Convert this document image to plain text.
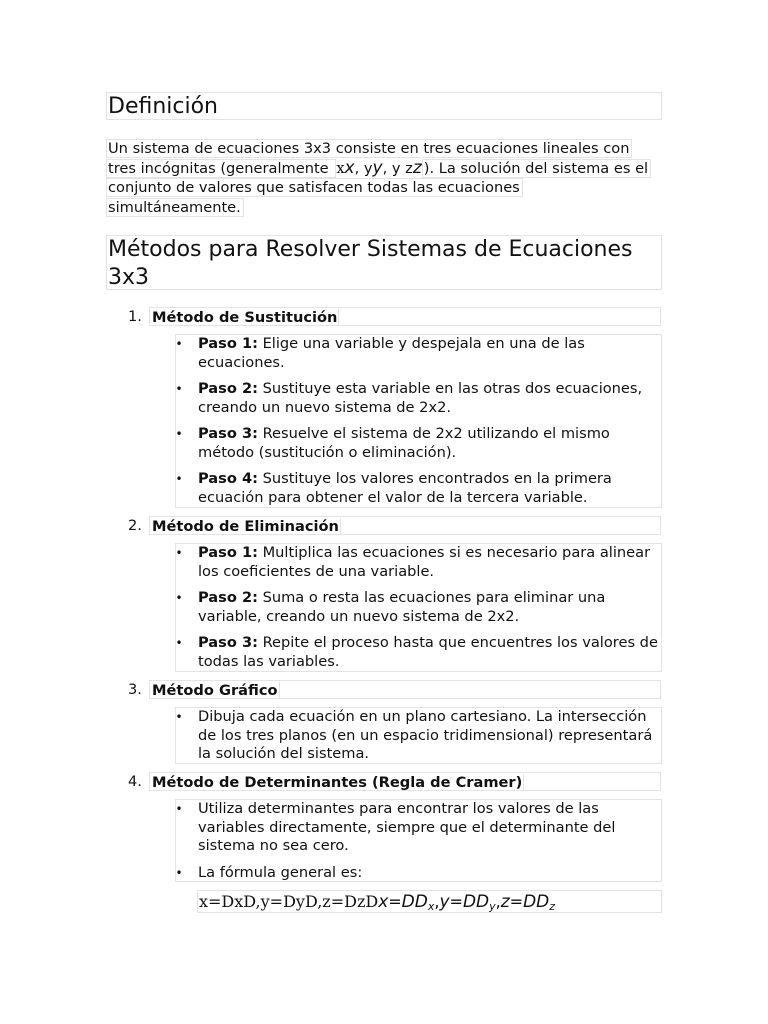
Definición
Un sistema de ecuaciones 3x3 consiste en tres ecuaciones lineales con tres incógnitas (generalmente xx, yy, y zz ). La solución del sistema es el conjunto de valores que satisfacen todas las ecuaciones simultáneamente.
Métodos para Resolver Sistemas de Ecuaciones 3x3
1. Método de Sustitución
• Paso 1: Elige una variable y despejala en una de las ecuaciones.
• Paso 2: Sustituye esta variable en las otras dos ecuaciones, creando un nuevo sistema de 2x2.
• Paso 3: Resuelve el sistema de 2x2 utilizando el mismo método (sustitución o eliminación).
• Paso 4: Sustituye los valores encontrados en la primera ecuación para obtener el valor de la tercera variable.
2. Método de Eliminación
• Paso 1: Multiplica las ecuaciones si es necesario para alinear los coeficientes de una variable.
• Paso 2: Suma o resta las ecuaciones para eliminar una variable, creando un nuevo sistema de 2x2.
• Paso 3: Repite el proceso hasta que encuentres los valores de todas las variables.
3. Método Gráfico
• Dibuja cada ecuación en un plano cartesiano. La intersección de los tres planos (en un espacio tridimensional) representará la solución del sistema.
4. Método de Determinantes (Regla de Cramer)
• Utiliza determinantes para encontrar los valores de las variables directamente, siempre que el determinante del sistema no sea cero.
• La fórmula general es:
x=DxD,y=DyD,z=DzDx=DDx,y=DDy,z=DDz
